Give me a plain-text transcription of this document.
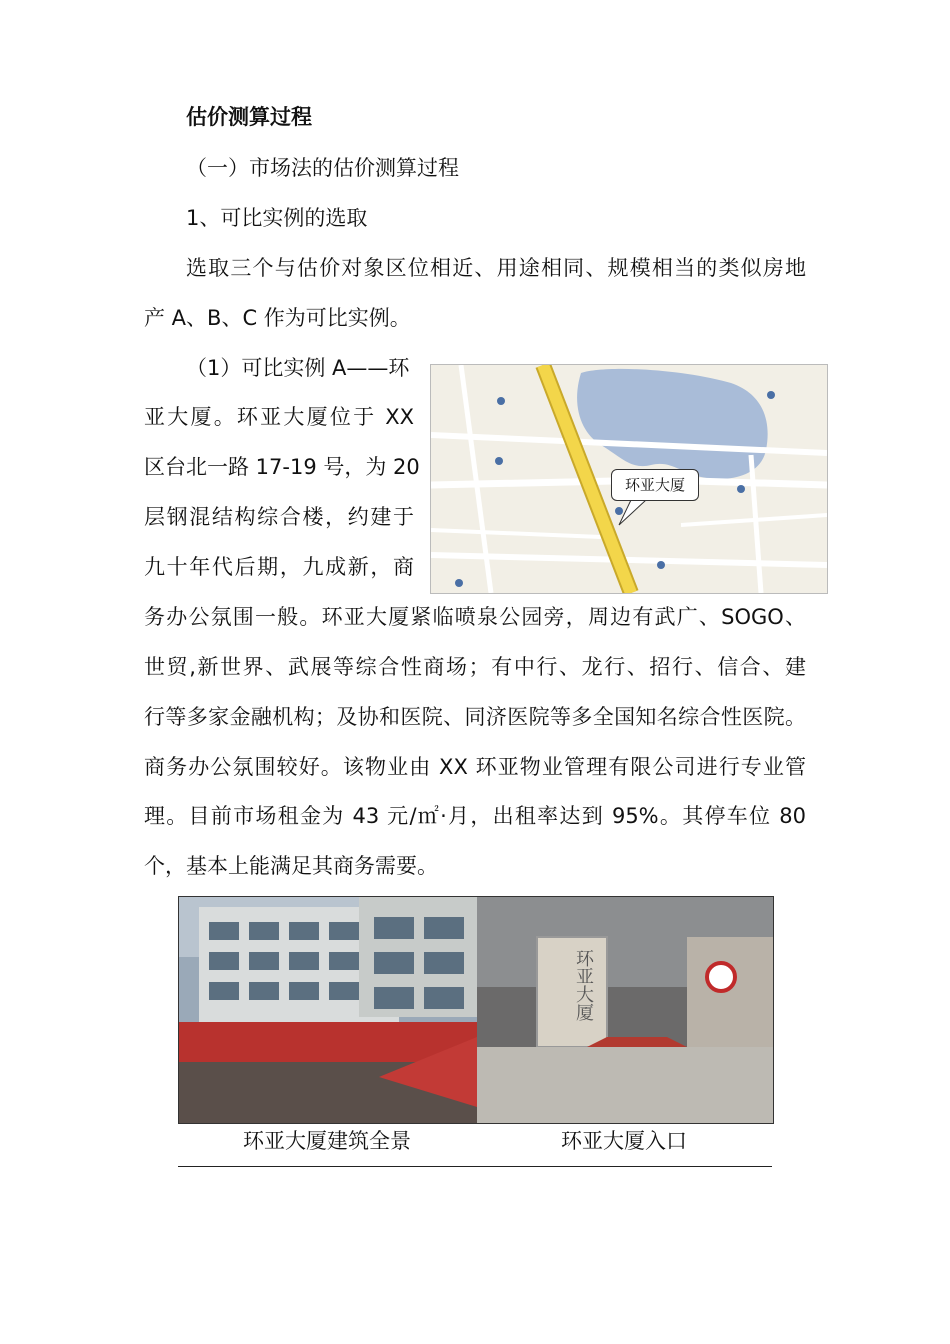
估价测算过程
（一）市场法的估价测算过程
1、可比实例的选取
选取三个与估价对象区位相近、用途相同、规模相当的类似房地
产 A、B、C 作为可比实例。
（1）可比实例 A——环
亚大厦。环亚大厦位于 XX
区台北一路 17-19 号，为 20
层钢混结构综合楼，约建于
九十年代后期，九成新，商
环亚大厦
务办公氛围一般。环亚大厦紧临喷泉公园旁，周边有武广、SOGO、
世贸,新世界、武展等综合性商场；有中行、龙行、招行、信合、建
行等多家金融机构；及协和医院、同济医院等多全国知名综合性医院。
商务办公氛围较好。该物业由 XX 环亚物业管理有限公司进行专业管
理。目前市场租金为 43 元/㎡·月，出租率达到 95%。其停车位 80
个，基本上能满足其商务需要。
环亚大厦
环亚大厦建筑全景	环亚大厦入口
